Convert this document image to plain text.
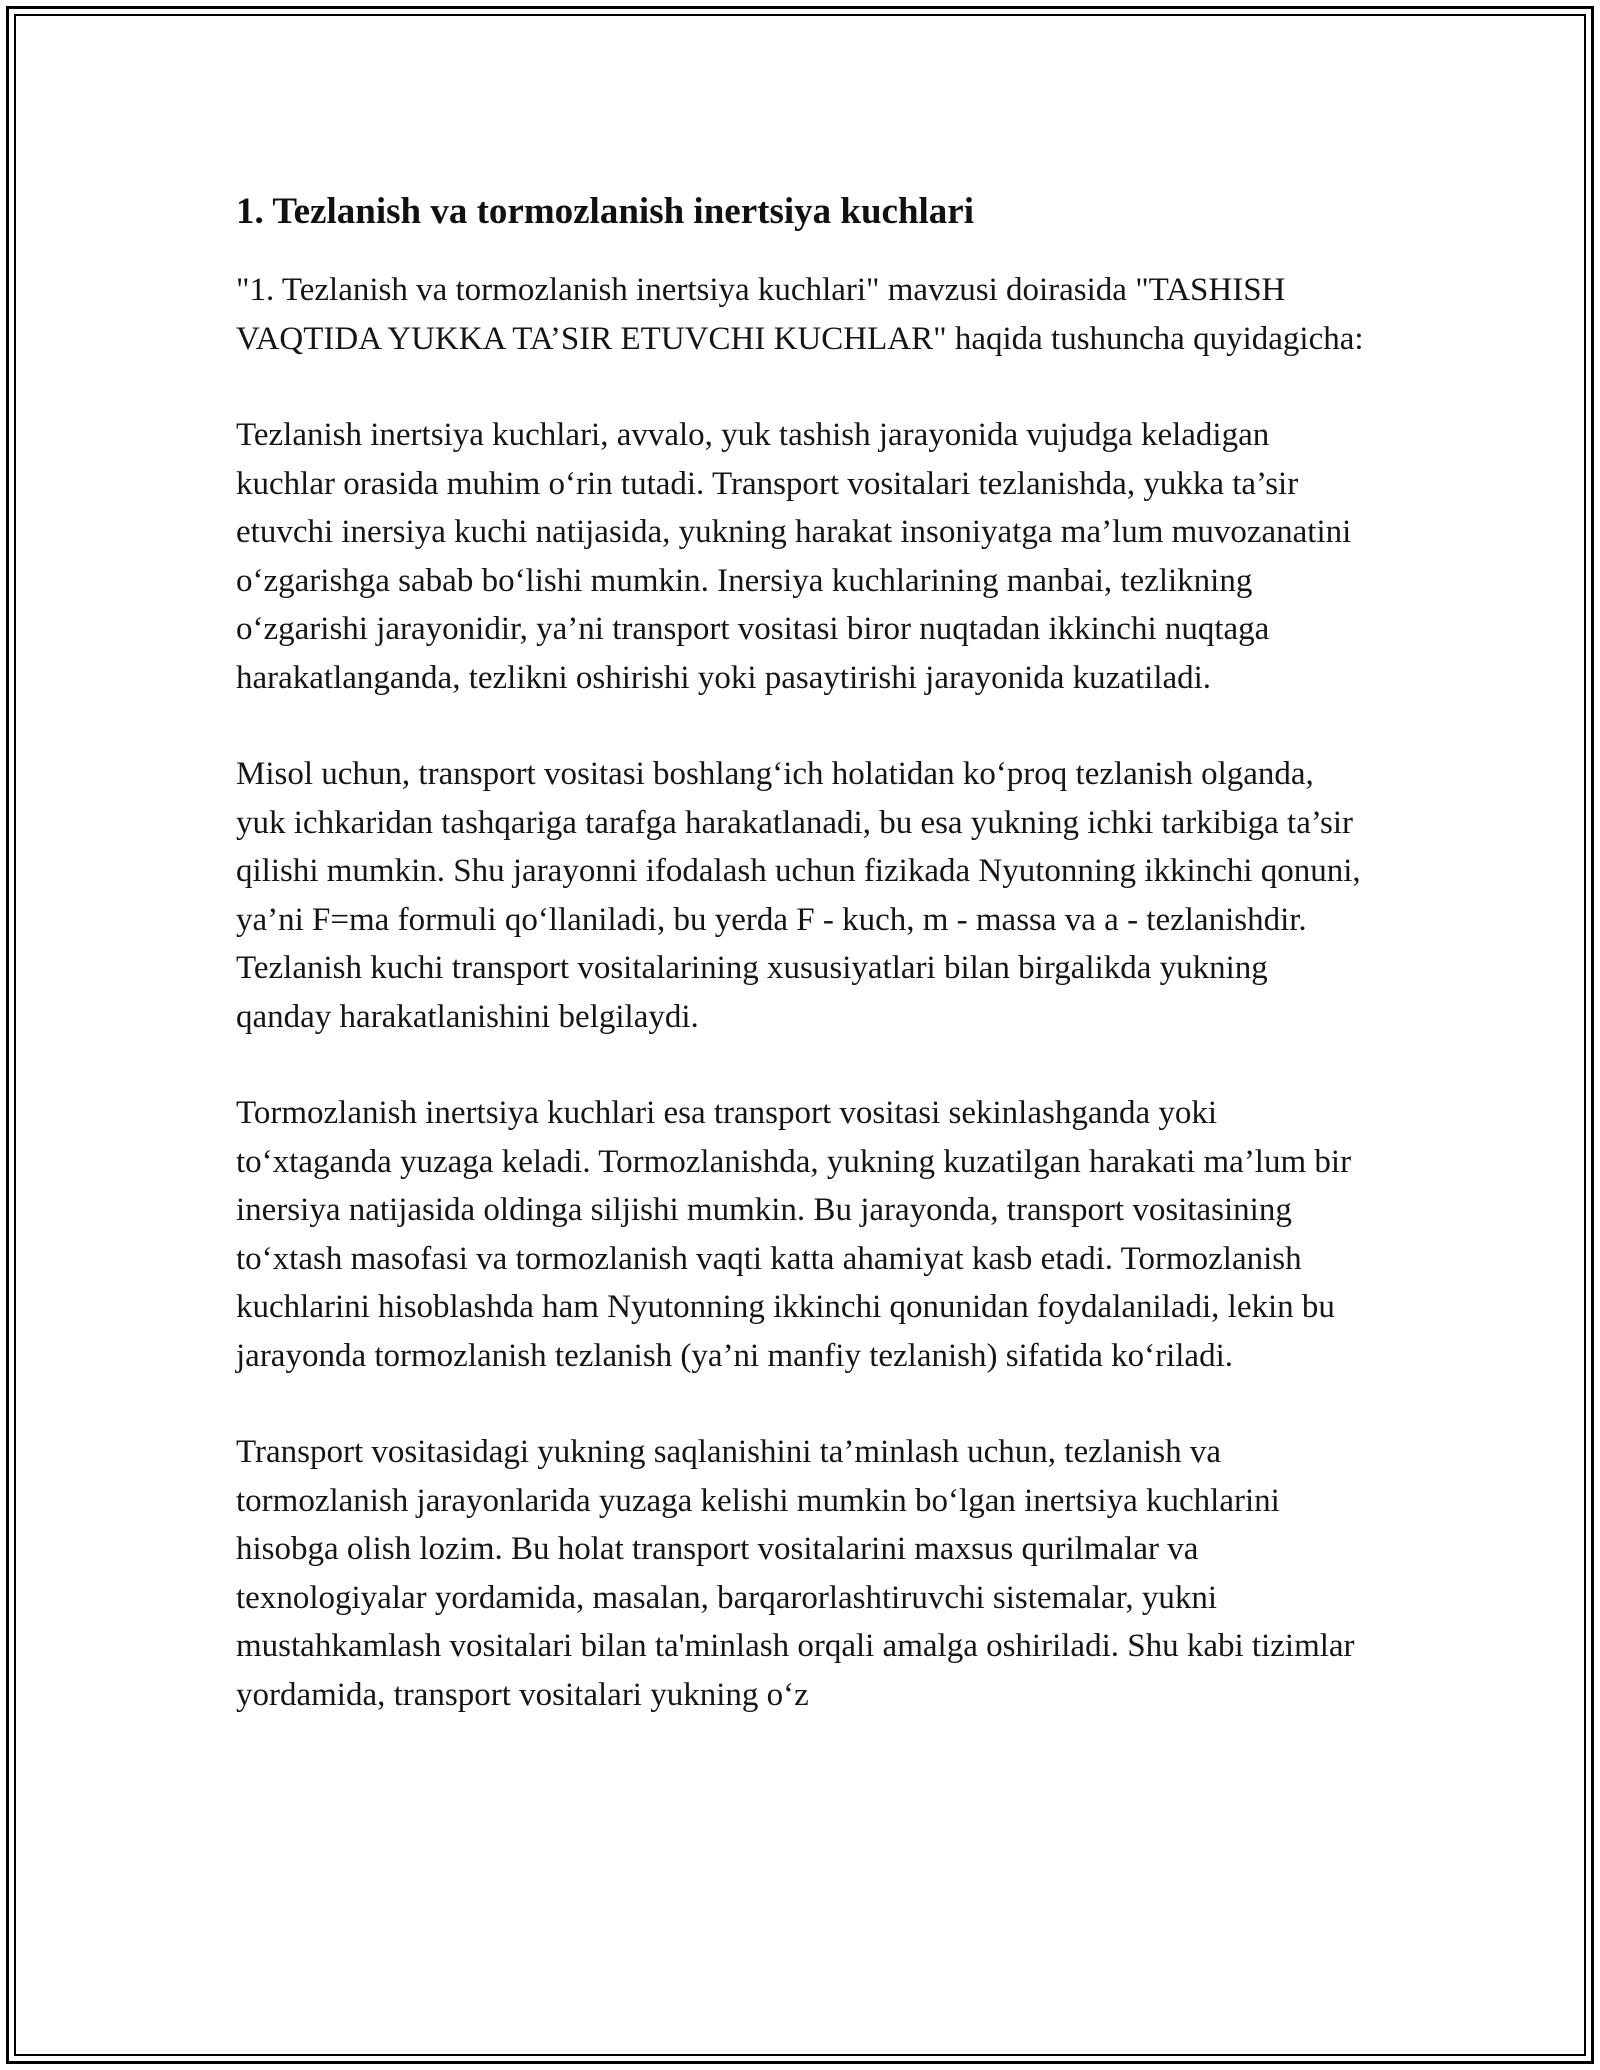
1. Tezlanish va tormozlanish inertsiya kuchlari

"1. Tezlanish va tormozlanish inertsiya kuchlari" mavzusi doirasida "TASHISH VAQTIDA YUKKA TA’SIR ETUVCHI KUCHLAR" haqida tushuncha quyidagicha:

Tezlanish inertsiya kuchlari, avvalo, yuk tashish jarayonida vujudga keladigan kuchlar orasida muhim o‘rin tutadi. Transport vositalari tezlanishda, yukka ta’sir etuvchi inersiya kuchi natijasida, yukning harakat insoniyatga ma’lum muvozanatini o‘zgarishga sabab bo‘lishi mumkin. Inersiya kuchlarining manbai, tezlikning o‘zgarishi jarayonidir, ya’ni transport vositasi biror nuqtadan ikkinchi nuqtaga harakatlanganda, tezlikni oshirishi yoki pasaytirishi jarayonida kuzatiladi.

Misol uchun, transport vositasi boshlang‘ich holatidan ko‘proq tezlanish olganda, yuk ichkaridan tashqariga tarafga harakatlanadi, bu esa yukning ichki tarkibiga ta’sir qilishi mumkin. Shu jarayonni ifodalash uchun fizikada Nyutonning ikkinchi qonuni, ya’ni F=ma formuli qo‘llaniladi, bu yerda F - kuch, m - massa va a - tezlanishdir. Tezlanish kuchi transport vositalarining xususiyatlari bilan birgalikda yukning qanday harakatlanishini belgilaydi.

Tormozlanish inertsiya kuchlari esa transport vositasi sekinlashganda yoki to‘xtaganda yuzaga keladi. Tormozlanishda, yukning kuzatilgan harakati ma’lum bir inersiya natijasida oldinga siljishi mumkin. Bu jarayonda, transport vositasining to‘xtash masofasi va tormozlanish vaqti katta ahamiyat kasb etadi. Tormozlanish kuchlarini hisoblashda ham Nyutonning ikkinchi qonunidan foydalaniladi, lekin bu jarayonda tormozlanish tezlanish (ya’ni manfiy tezlanish) sifatida ko‘riladi.

Transport vositasidagi yukning saqlanishini ta’minlash uchun, tezlanish va tormozlanish jarayonlarida yuzaga kelishi mumkin bo‘lgan inertsiya kuchlarini hisobga olish lozim. Bu holat transport vositalarini maxsus qurilmalar va texnologiyalar yordamida, masalan, barqarorlashtiruvchi sistemalar, yukni mustahkamlash vositalari bilan ta'minlash orqali amalga oshiriladi. Shu kabi tizimlar yordamida, transport vositalari yukning o‘z
